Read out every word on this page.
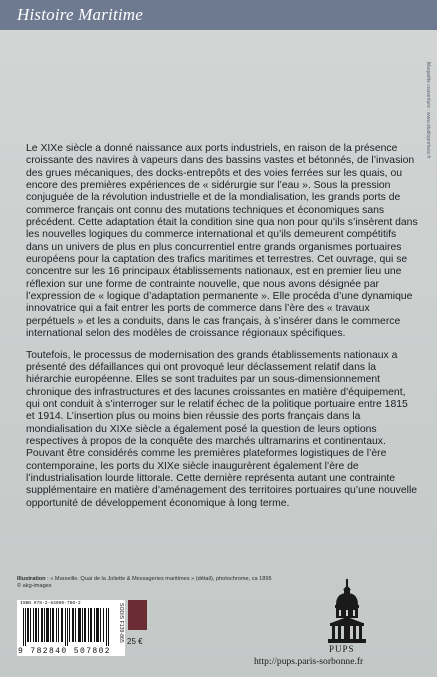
Histoire Maritime
Maquette couverture : www.studiopreface.fr

Le XIXe siècle a donné naissance aux ports industriels, en raison de la présence croissante des navires à vapeurs dans des bassins vastes et bétonnés, de l’invasion des grues mécaniques, des docks-entrepôts et des voies ferrées sur les quais, ou encore des premières expériences de « sidérurgie sur l’eau ». Sous la pression conjuguée de la révolution industrielle et de la mondialisation, les grands ports de commerce français ont connu des mutations techniques et économiques sans précédent. Cette adaptation était la condition sine qua non pour qu’ils s’insèrent dans les nouvelles logiques du commerce international et qu’ils demeurent compétitifs dans un univers de plus en plus concurrentiel entre grands organismes portuaires européens pour la captation des trafics maritimes et terrestres. Cet ouvrage, qui se concentre sur les 16 principaux établissements nationaux, est en premier lieu une réflexion sur une forme de contrainte nouvelle, que nous avons désignée par l’expression de « logique d’adaptation permanente ». Elle procéda d’une dynamique innovatrice qui a fait entrer les ports de commerce dans l’ère des « travaux perpétuels » et les a conduits, dans le cas français, à s’insérer dans le commerce international selon des modèles de croissance régionaux spécifiques.

Toutefois, le processus de modernisation des grands établissements nationaux a présenté des défaillances qui ont provoqué leur déclassement relatif dans la hiérarchie européenne. Elles se sont traduites par un sous-dimensionnement chronique des infrastructures et des lacunes croissantes en matière d’équipement, qui ont conduit à s’interroger sur le relatif échec de la politique portuaire entre 1815 et 1914. L’insertion plus ou moins bien réussie des ports français dans la mondialisation du XIXe siècle a également posé la question de leurs options respectives à propos de la conquête des marchés ultramarins et continentaux. Pouvant être considérés comme les premières plateformes logistiques de l’ère contemporaine, les ports du XIXe siècle inaugurèrent également l’ère de l’industrialisation lourde littorale. Cette dernière représenta autant une contrainte supplémentaire en matière d’aménagement des territoires portuaires qu’une nouvelle opportunité de développement économique à long terme.

Illustration : « Marseille. Quai de la Joliette & Messageries maritimes » (détail), photochrome, ca 1895
© akg-images
ISBN 978-2-84050-780-2
9 782840 507802
SODIS F139-865 25 €
PUPS
http://pups.paris-sorbonne.fr
